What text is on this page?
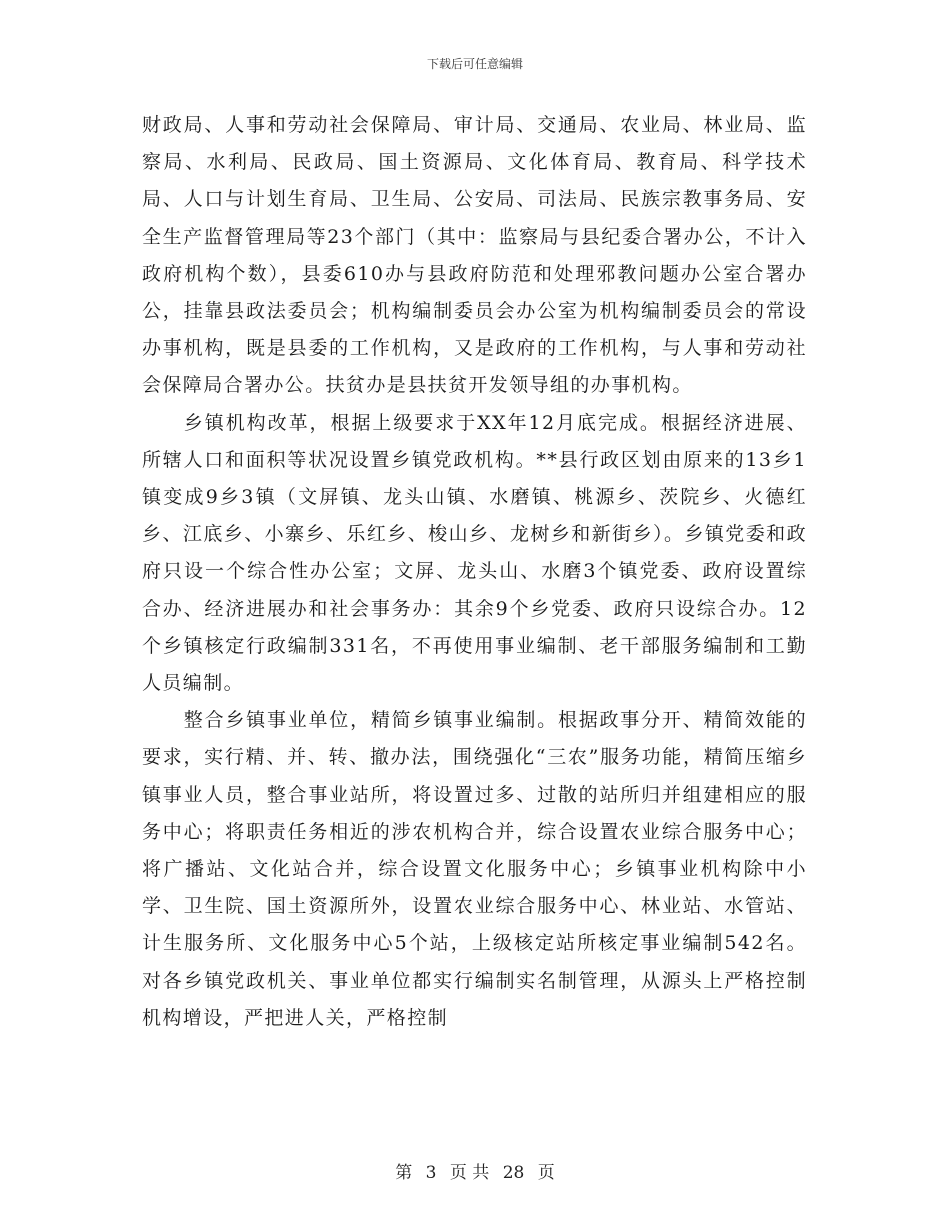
下载后可任意编辑

财政局、人事和劳动社会保障局、审计局、交通局、农业局、林业局、监察局、水利局、民政局、国土资源局、文化体育局、教育局、科学技术局、人口与计划生育局、卫生局、公安局、司法局、民族宗教事务局、安全生产监督管理局等23个部门（其中：监察局与县纪委合署办公，不计入政府机构个数），县委610办与县政府防范和处理邪教问题办公室合署办公，挂靠县政法委员会；机构编制委员会办公室为机构编制委员会的常设办事机构，既是县委的工作机构，又是政府的工作机构，与人事和劳动社会保障局合署办公。扶贫办是县扶贫开发领导组的办事机构。

乡镇机构改革，根据上级要求于XX年12月底完成。根据经济进展、所辖人口和面积等状况设置乡镇党政机构。**县行政区划由原来的13乡1镇变成9乡3镇（文屏镇、龙头山镇、水磨镇、桃源乡、茨院乡、火德红乡、江底乡、小寨乡、乐红乡、梭山乡、龙树乡和新街乡）。乡镇党委和政府只设一个综合性办公室；文屏、龙头山、水磨3个镇党委、政府设置综合办、经济进展办和社会事务办：其余9个乡党委、政府只设综合办。12个乡镇核定行政编制331名，不再使用事业编制、老干部服务编制和工勤人员编制。

整合乡镇事业单位，精简乡镇事业编制。根据政事分开、精简效能的要求，实行精、并、转、撤办法，围绕强化“三农”服务功能，精简压缩乡镇事业人员，整合事业站所，将设置过多、过散的站所归并组建相应的服务中心；将职责任务相近的涉农机构合并，综合设置农业综合服务中心；将广播站、文化站合并，综合设置文化服务中心；乡镇事业机构除中小学、卫生院、国土资源所外，设置农业综合服务中心、林业站、水管站、计生服务所、文化服务中心5个站，上级核定站所核定事业编制542名。对各乡镇党政机关、事业单位都实行编制实名制管理，从源头上严格控制机构增设，严把进人关，严格控制

第 3 页 共 28 页
